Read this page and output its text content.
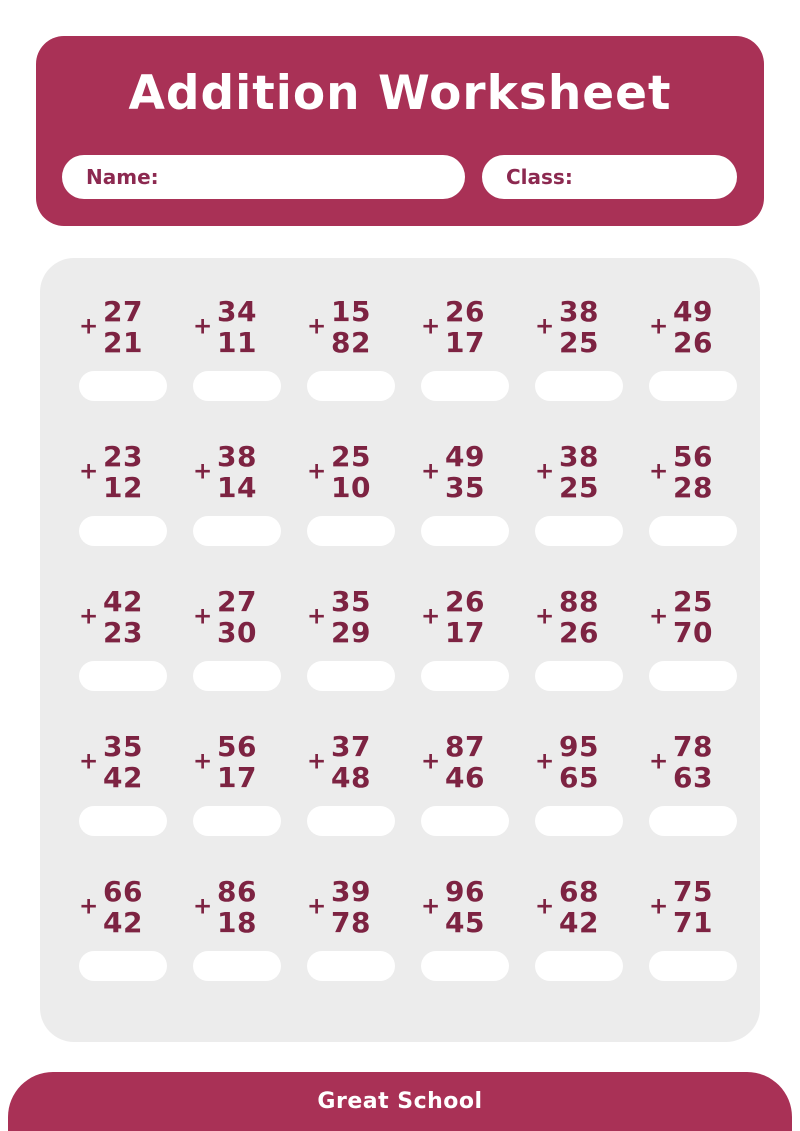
Addition Worksheet
Name:	Class:
+ 27
21 + 34
11 + 15
82 + 26
17 + 38
25 + 49
26
+ 23
12 + 38
14 + 25
10 + 49
35 + 38
25 + 56
28
+ 42
23 + 27
30 + 35
29 + 26
17 + 88
26 + 25
70
+ 35
42 + 56
17 + 37
48 + 87
46 + 95
65 + 78
63
+ 66
42 + 86
18 + 39
78 + 96
45 + 68
42 + 75
71
Great School
